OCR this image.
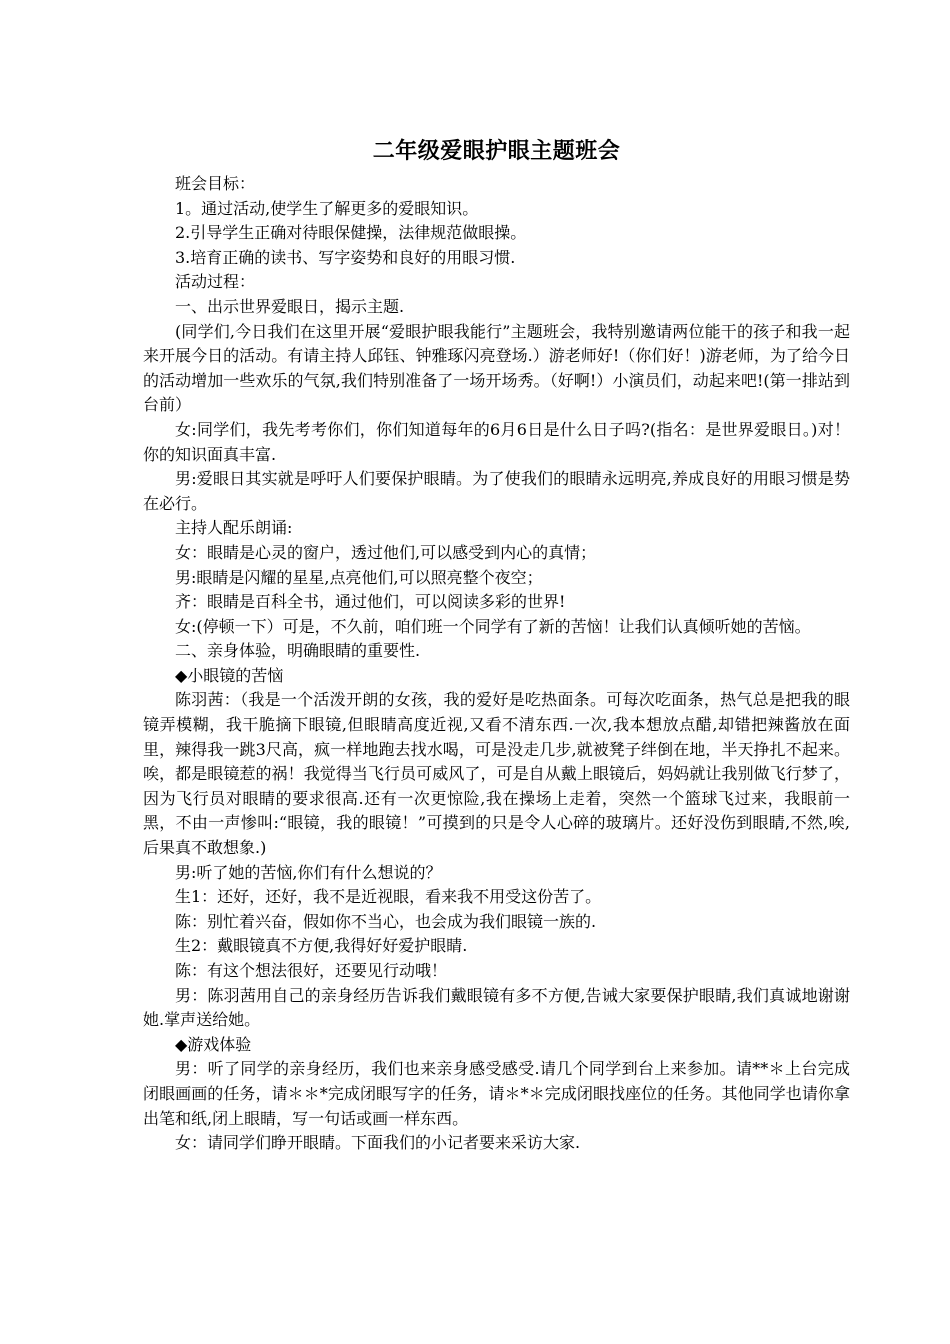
二年级爱眼护眼主题班会

班会目标：

1。通过活动,使学生了解更多的爱眼知识。

2.引导学生正确对待眼保健操，法律规范做眼操。

3.培育正确的读书、写字姿势和良好的用眼习惯.

活动过程：

一、出示世界爱眼日，揭示主题.

(同学们,今日我们在这里开展“爱眼护眼我能行”主题班会，我特别邀请两位能干的孩子和我一起来开展今日的活动。有请主持人邱钰、钟雅琢闪亮登场.）游老师好!（你们好！)游老师，为了给今日的活动增加一些欢乐的气氛,我们特别准备了一场开场秀。（好啊!）小演员们，动起来吧!(第一排站到台前）

女:同学们，我先考考你们，你们知道每年的6月6日是什么日子吗?(指名：是世界爱眼日。)对！你的知识面真丰富.

男:爱眼日其实就是呼吁人们要保护眼睛。为了使我们的眼睛永远明亮,养成良好的用眼习惯是势在必行。

主持人配乐朗诵:

女：眼睛是心灵的窗户，透过他们,可以感受到内心的真情；

男:眼睛是闪耀的星星,点亮他们,可以照亮整个夜空；

齐：眼睛是百科全书，通过他们，可以阅读多彩的世界!

女:(停顿一下）可是，不久前，咱们班一个同学有了新的苦恼！让我们认真倾听她的苦恼。

二、亲身体验，明确眼睛的重要性.

◆小眼镜的苦恼

陈羽茜：（我是一个活泼开朗的女孩，我的爱好是吃热面条。可每次吃面条，热气总是把我的眼镜弄模糊，我干脆摘下眼镜,但眼睛高度近视,又看不清东西.一次,我本想放点醋,却错把辣酱放在面里，辣得我一跳3尺高，疯一样地跑去找水喝，可是没走几步,就被凳子绊倒在地，半天挣扎不起来。唉，都是眼镜惹的祸！我觉得当飞行员可威风了，可是自从戴上眼镜后，妈妈就让我别做飞行梦了，因为飞行员对眼睛的要求很高.还有一次更惊险,我在操场上走着，突然一个篮球飞过来，我眼前一黑，不由一声惨叫:“眼镜，我的眼镜！”可摸到的只是令人心碎的玻璃片。还好没伤到眼睛,不然,唉,后果真不敢想象.)

男:听了她的苦恼,你们有什么想说的？

生1：还好，还好，我不是近视眼，看来我不用受这份苦了。

陈：别忙着兴奋，假如你不当心，也会成为我们眼镜一族的.

生2：戴眼镜真不方便,我得好好爱护眼睛.

陈：有这个想法很好，还要见行动哦！

男：陈羽茜用自己的亲身经历告诉我们戴眼镜有多不方便,告诫大家要保护眼睛,我们真诚地谢谢她.掌声送给她。

◆游戏体验

男：听了同学的亲身经历，我们也来亲身感受感受.请几个同学到台上来参加。请**＊上台完成闭眼画画的任务，请＊＊*完成闭眼写字的任务，请＊*＊完成闭眼找座位的任务。其他同学也请你拿出笔和纸,闭上眼睛，写一句话或画一样东西。

女：请同学们睁开眼睛。下面我们的小记者要来采访大家.
